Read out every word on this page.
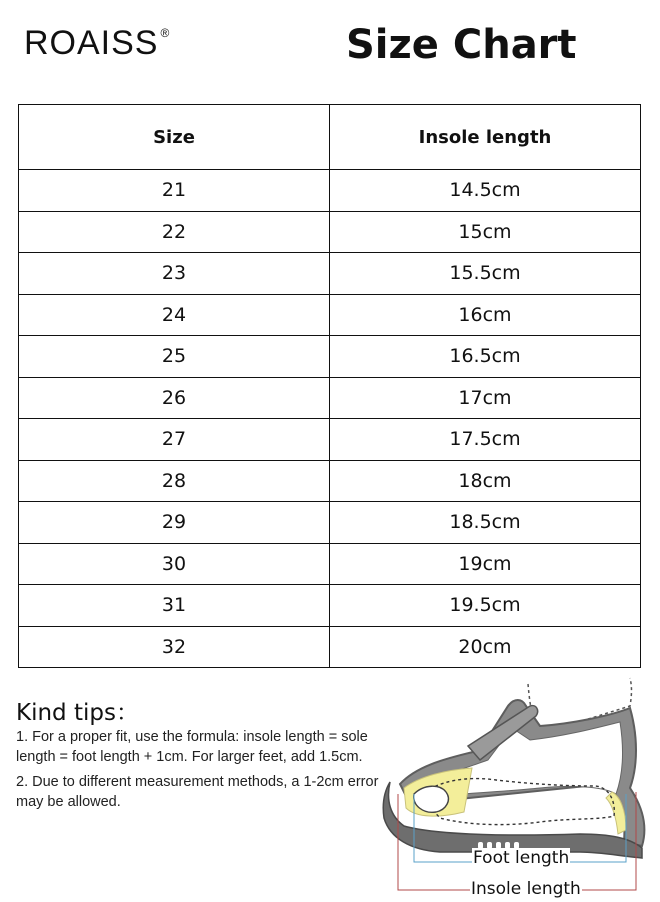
ROAISS ®	Size Chart
Size	Insole length
21	14.5cm
22	15cm
23	15.5cm
24	16cm
25	16.5cm
26	17cm
27	17.5cm
28	18cm
29	18.5cm
30	19cm
31	19.5cm
32	20cm
Kind tips：

1. For a proper fit, use the formula: insole length = sole length = foot length + 1cm. For larger feet, add 1.5cm.

2. Due to different measurement methods, a 1-2cm error may be allowed.

Foot length
Insole length
